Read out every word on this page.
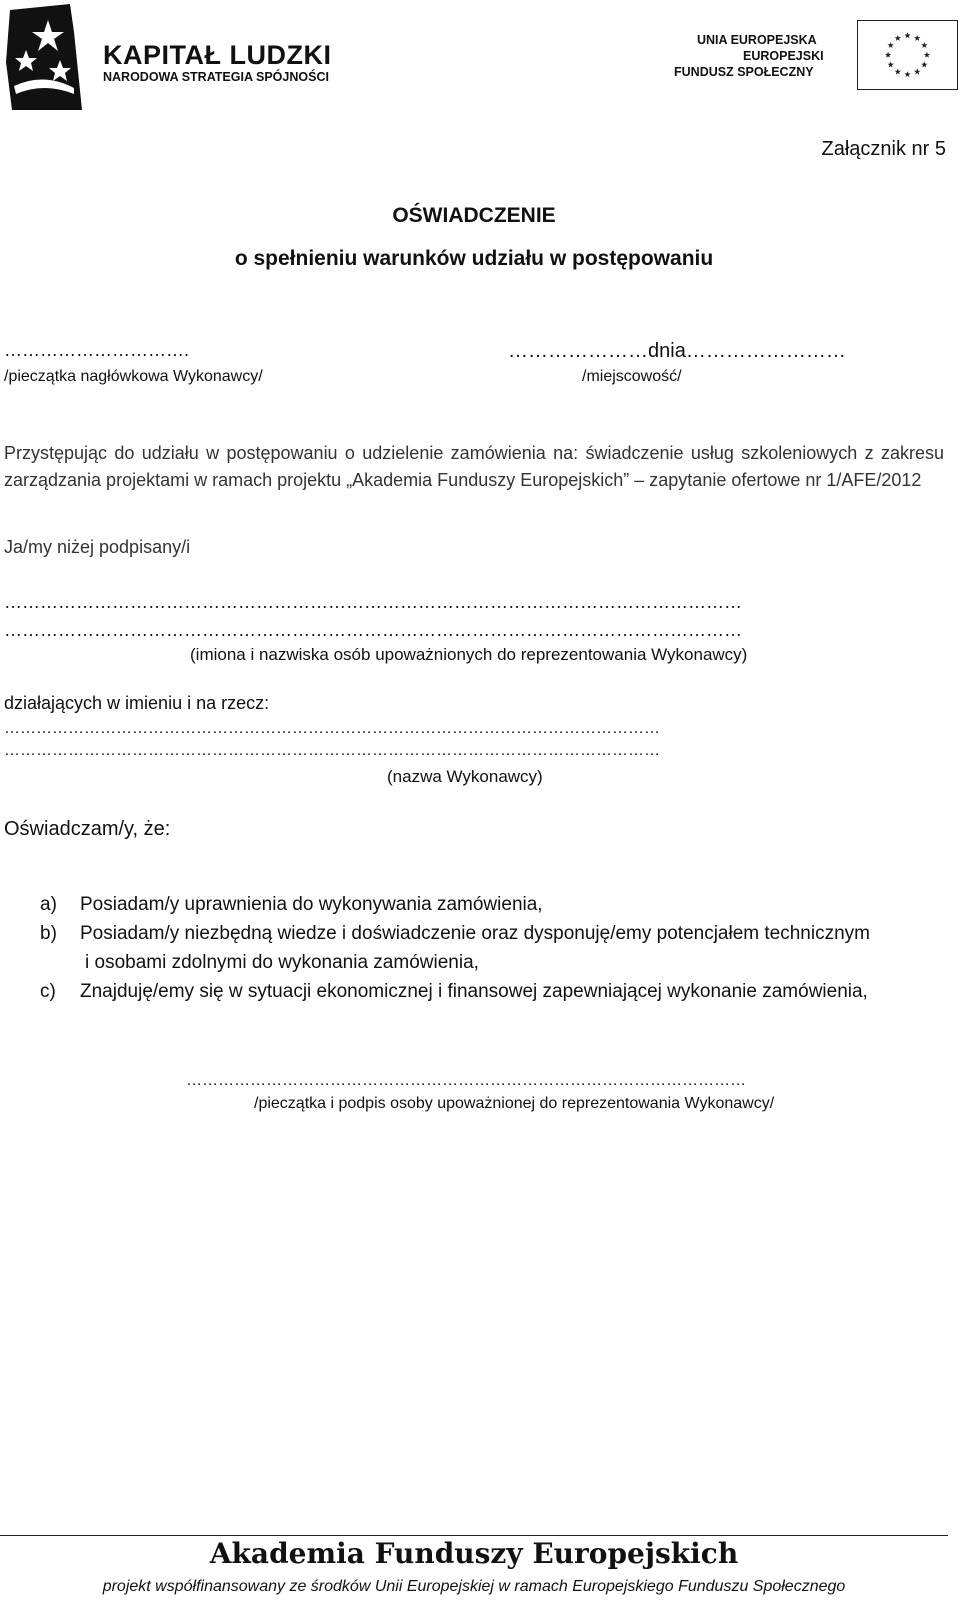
KAPITAŁ LUDZKI
NARODOWA STRATEGIA SPÓJNOŚCI
UNIA EUROPEJSKA
EUROPEJSKI
FUNDUSZ SPOŁECZNY
Załącznik nr 5
OŚWIADCZENIE
o spełnieniu warunków udziału w postępowaniu
………………………….
/pieczątka nagłówkowa Wykonawcy/
…………………dnia……………………
/miejscowość/
Przystępując do udziału w postępowaniu o udzielenie zamówienia na: świadczenie usług szkoleniowych z zakresu zarządzania projektami w ramach projektu „Akademia Funduszy Europejskich” – zapytanie ofertowe nr 1/AFE/2012
Ja/my niżej podpisany/i
……………………………………………………………………………………………………………
……………………………………………………………………………………………………………
(imiona i nazwiska osób upoważnionych do reprezentowania Wykonawcy)
działających w imieniu i na rzecz:
……………………………………………………………………………………………………………
……………………………………………………………………………………………………………
(nazwa Wykonawcy)
Oświadczam/y, że:
a)	Posiadam/y uprawnienia do wykonywania zamówienia,
b)	Posiadam/y niezbędną wiedze i doświadczenie oraz dysponuję/emy potencjałem technicznym
i osobami zdolnymi do wykonania zamówienia,
c)	Znajduję/emy się w sytuacji ekonomicznej i finansowej zapewniającej wykonanie zamówienia,
……………………………………………………………………………………………
/pieczątka i podpis osoby upoważnionej do reprezentowania Wykonawcy/
Akademia Funduszy Europejskich
projekt współfinansowany ze środków Unii Europejskiej w ramach Europejskiego Funduszu Społecznego
